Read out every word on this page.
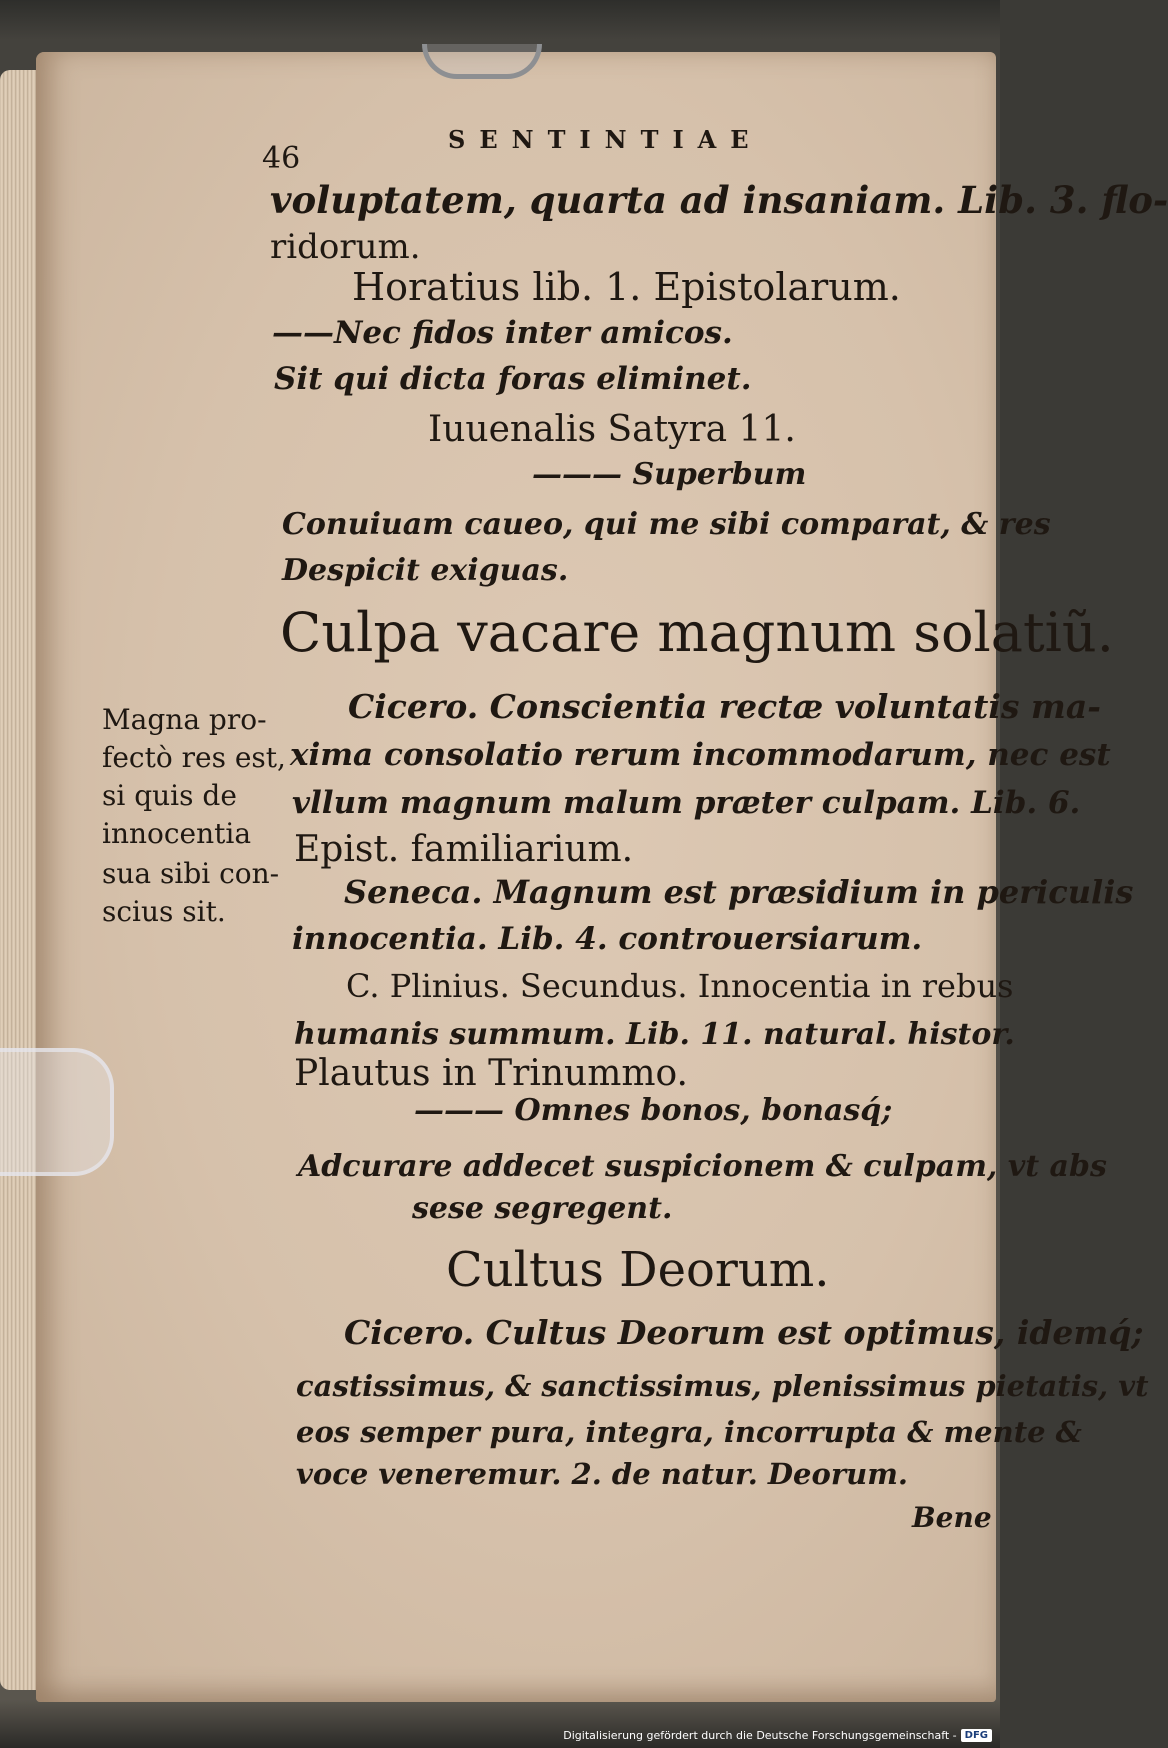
46
SENTINTIAE
voluptatem, quarta ad insaniam. Lib. 3. flo-
ridorum.
Horatius lib. 1. Epistolarum.
——Nec fidos inter amicos.
Sit qui dicta foras eliminet.
Iuuenalis Satyra 11.
——— Superbum
Conuiuam caueo, qui me sibi comparat, & res
Despicit exiguas.
Culpa vacare magnum solatiũ.
Magna pro-
fectò res est,
si quis de
innocentia
sua sibi con-
scius sit.
Cicero. Conscientia rectæ voluntatis ma-
xima consolatio rerum incommodarum, nec est
vllum magnum malum præter culpam. Lib. 6.
Epist. familiarium.
Seneca. Magnum est præsidium in periculis
innocentia. Lib. 4. controuersiarum.
C. Plinius. Secundus. Innocentia in rebus
humanis summum. Lib. 11. natural. histor.
Plautus in Trinummo.
——— Omnes bonos, bonasq́;
Adcurare addecet suspicionem & culpam, vt abs
sese segregent.
Cultus Deorum.
Cicero. Cultus Deorum est optimus, idemq́;
castissimus, & sanctissimus, plenissimus pietatis, vt
eos semper pura, integra, incorrupta & mente &
voce veneremur. 2. de natur. Deorum.
Bene
Digitalisierung gefördert durch die Deutsche Forschungsgemeinschaft - DFG
